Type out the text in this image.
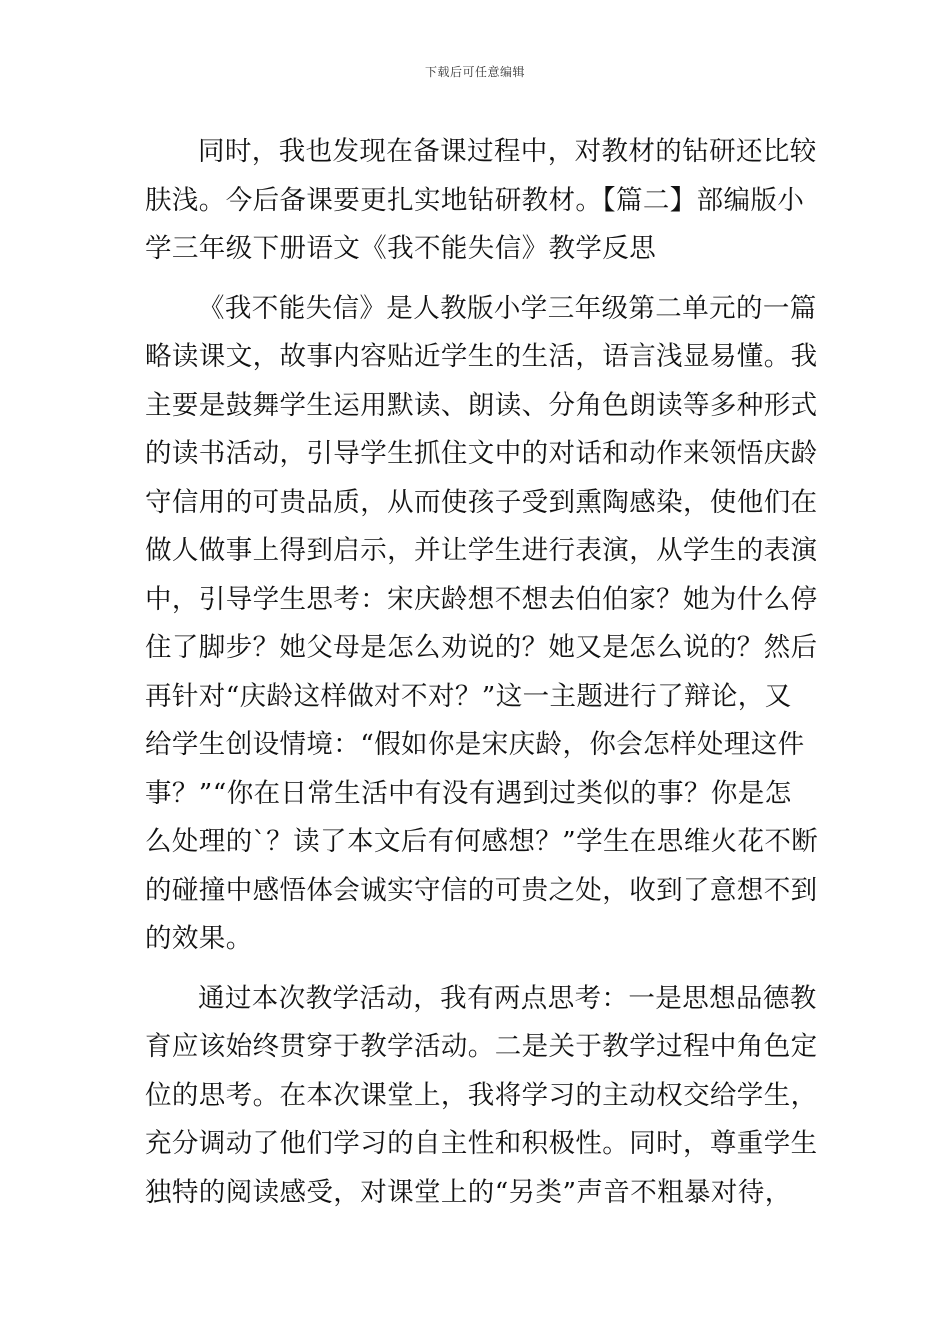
下载后可任意编辑
同时，我也发现在备课过程中，对教材的钻研还比较
肤浅。今后备课要更扎实地钻研教材。【篇二】部编版小
学三年级下册语文《我不能失信》教学反思
《我不能失信》是人教版小学三年级第二单元的一篇
略读课文，故事内容贴近学生的生活，语言浅显易懂。我
主要是鼓舞学生运用默读、朗读、分角色朗读等多种形式
的读书活动，引导学生抓住文中的对话和动作来领悟庆龄
守信用的可贵品质，从而使孩子受到熏陶感染，使他们在
做人做事上得到启示，并让学生进行表演，从学生的表演
中，引导学生思考：宋庆龄想不想去伯伯家？她为什么停
住了脚步？她父母是怎么劝说的？她又是怎么说的？然后
再针对“庆龄这样做对不对？”这一主题进行了辩论，又
给学生创设情境：“假如你是宋庆龄，你会怎样处理这件
事？”“你在日常生活中有没有遇到过类似的事？你是怎
么处理的`？读了本文后有何感想？”学生在思维火花不断
的碰撞中感悟体会诚实守信的可贵之处，收到了意想不到
的效果。
通过本次教学活动，我有两点思考：一是思想品德教
育应该始终贯穿于教学活动。二是关于教学过程中角色定
位的思考。在本次课堂上，我将学习的主动权交给学生，
充分调动了他们学习的自主性和积极性。同时，尊重学生
独特的阅读感受，对课堂上的“另类”声音不粗暴对待，
